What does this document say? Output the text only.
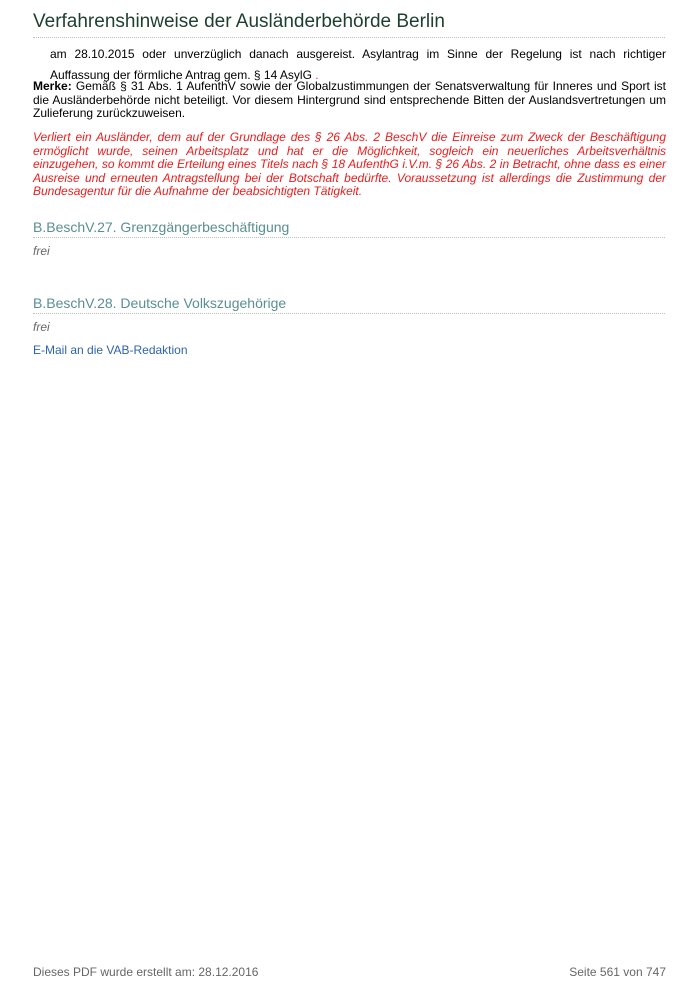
Verfahrenshinweise der Ausländerbehörde Berlin
am 28.10.2015 oder unverzüglich danach ausgereist. Asylantrag im Sinne der Regelung ist nach richtiger Auffassung der förmliche Antrag gem. § 14 AsylG .
Merke: Gemäß § 31 Abs. 1 AufenthV sowie der Globalzustimmungen der Senatsverwaltung für Inneres und Sport ist die Ausländerbehörde nicht beteiligt. Vor diesem Hintergrund sind entsprechende Bitten der Auslandsvertretungen um Zulieferung zurückzuweisen.
Verliert ein Ausländer, dem auf der Grundlage des § 26 Abs. 2 BeschV die Einreise zum Zweck der Beschäftigung ermöglicht wurde, seinen Arbeitsplatz und hat er die Möglichkeit, sogleich ein neuerliches Arbeitsverhältnis einzugehen, so kommt die Erteilung eines Titels nach § 18 AufenthG i.V.m. § 26 Abs. 2 in Betracht, ohne dass es einer Ausreise und erneuten Antragstellung bei der Botschaft bedürfte. Voraussetzung ist allerdings die Zustimmung der Bundesagentur für die Aufnahme der beabsichtigten Tätigkeit.
B.BeschV.27. Grenzgängerbeschäftigung
frei
B.BeschV.28. Deutsche Volkszugehörige
frei
E-Mail an die VAB-Redaktion
Dieses PDF wurde erstellt am: 28.12.2016	Seite 561 von 747
